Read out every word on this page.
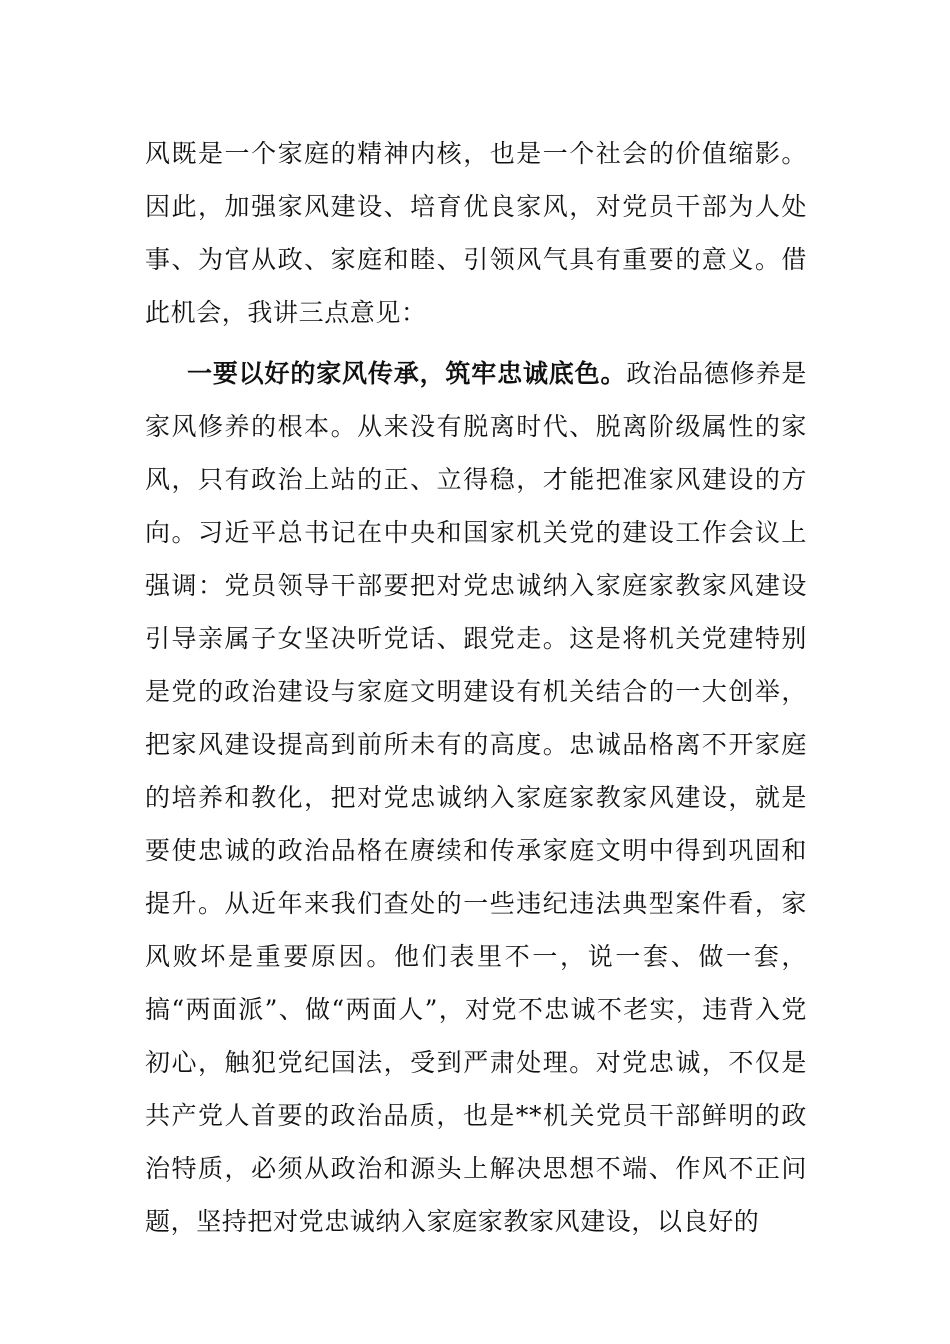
风既是一个家庭的精神内核，也是一个社会的价值缩影。因此，加强家风建设、培育优良家风，对党员干部为人处事、为官从政、家庭和睦、引领风气具有重要的意义。借此机会，我讲三点意见：

一要以好的家风传承，筑牢忠诚底色。政治品德修养是家风修养的根本。从来没有脱离时代、脱离阶级属性的家风，只有政治上站的正、立得稳，才能把准家风建设的方向。习近平总书记在中央和国家机关党的建设工作会议上强调：党员领导干部要把对党忠诚纳入家庭家教家风建设引导亲属子女坚决听党话、跟党走。这是将机关党建特别是党的政治建设与家庭文明建设有机关结合的一大创举，把家风建设提高到前所未有的高度。忠诚品格离不开家庭的培养和教化，把对党忠诚纳入家庭家教家风建设，就是要使忠诚的政治品格在赓续和传承家庭文明中得到巩固和提升。从近年来我们查处的一些违纪违法典型案件看，家风败坏是重要原因。他们表里不一，说一套、做一套，搞“两面派”、做“两面人”，对党不忠诚不老实，违背入党初心，触犯党纪国法，受到严肃处理。对党忠诚，不仅是共产党人首要的政治品质，也是**机关党员干部鲜明的政治特质，必须从政治和源头上解决思想不端、作风不正问题，坚持把对党忠诚纳入家庭家教家风建设，以良好的
